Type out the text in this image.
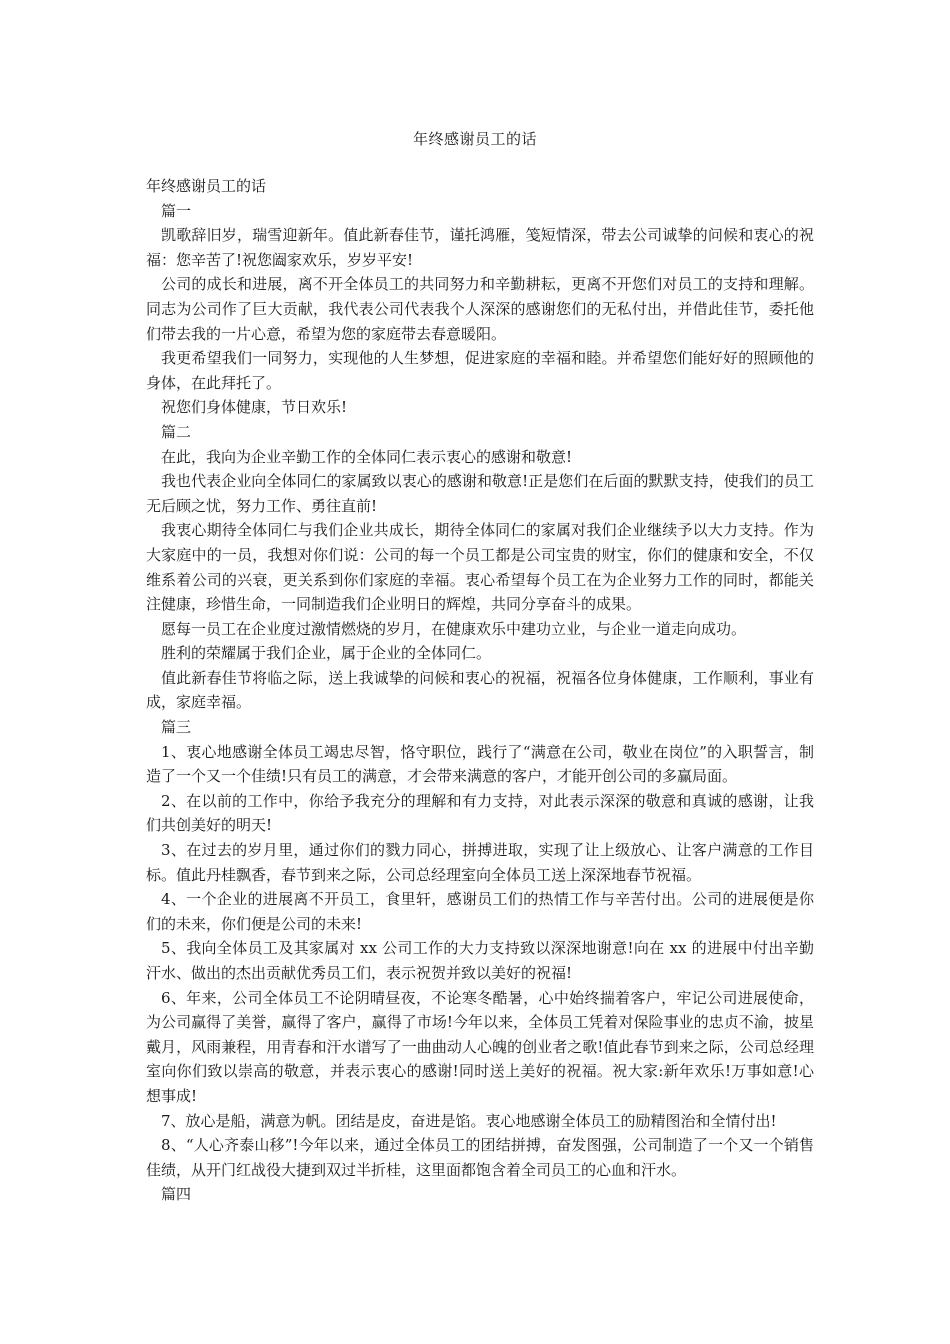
年终感谢员工的话

年终感谢员工的话

篇一

凯歌辞旧岁，瑞雪迎新年。值此新春佳节，谨托鸿雁，笺短情深，带去公司诚挚的问候和衷心的祝福：您辛苦了!祝您阖家欢乐，岁岁平安!

公司的成长和进展，离不开全体员工的共同努力和辛勤耕耘，更离不开您们对员工的支持和理解。 同志为公司作了巨大贡献，我代表公司代表我个人深深的感谢您们的无私付出，并借此佳节，委托他们带去我的一片心意，希望为您的家庭带去春意暖阳。

我更希望我们一同努力，实现他的人生梦想，促进家庭的幸福和睦。并希望您们能好好的照顾他的身体，在此拜托了。

祝您们身体健康，节日欢乐!

篇二

在此，我向为企业辛勤工作的全体同仁表示衷心的感谢和敬意!

我也代表企业向全体同仁的家属致以衷心的感谢和敬意!正是您们在后面的默默支持，使我们的员工无后顾之忧，努力工作、勇往直前!

我衷心期待全体同仁与我们企业共成长，期待全体同仁的家属对我们企业继续予以大力支持。作为大家庭中的一员，我想对你们说：公司的每一个员工都是公司宝贵的财宝，你们的健康和安全，不仅维系着公司的兴衰，更关系到你们家庭的幸福。衷心希望每个员工在为企业努力工作的同时，都能关注健康，珍惜生命，一同制造我们企业明日的辉煌，共同分享奋斗的成果。

愿每一员工在企业度过激情燃烧的岁月，在健康欢乐中建功立业，与企业一道走向成功。

胜利的荣耀属于我们企业，属于企业的全体同仁。

值此新春佳节将临之际，送上我诚挚的问候和衷心的祝福，祝福各位身体健康，工作顺利，事业有成，家庭幸福。

篇三

1、衷心地感谢全体员工竭忠尽智，恪守职位，践行了“满意在公司，敬业在岗位”的入职誓言，制造了一个又一个佳绩!只有员工的满意，才会带来满意的客户，才能开创公司的多赢局面。

2、在以前的工作中，你给予我充分的理解和有力支持，对此表示深深的敬意和真诚的感谢，让我们共创美好的明天!

3、在过去的岁月里，通过你们的戮力同心，拼搏进取，实现了让上级放心、让客户满意的工作目标。值此丹桂飘香，春节到来之际，公司总经理室向全体员工送上深深地春节祝福。

4、一个企业的进展离不开员工，食里轩，感谢员工们的热情工作与辛苦付出。公司的进展便是你们的未来，你们便是公司的未来!

5、我向全体员工及其家属对 xx 公司工作的大力支持致以深深地谢意!向在 xx 的进展中付出辛勤汗水、做出的杰出贡献优秀员工们，表示祝贺并致以美好的祝福!

6、年来，公司全体员工不论阴晴昼夜，不论寒冬酷暑，心中始终揣着客户，牢记公司进展使命，为公司赢得了美誉，赢得了客户，赢得了市场!今年以来，全体员工凭着对保险事业的忠贞不渝，披星戴月，风雨兼程，用青春和汗水谱写了一曲曲动人心魄的创业者之歌!值此春节到来之际，公司总经理室向你们致以崇高的敬意，并表示衷心的感谢!同时送上美好的祝福。祝大家:新年欢乐!万事如意!心想事成!

7、放心是船，满意为帆。团结是皮，奋进是馅。衷心地感谢全体员工的励精图治和全情付出!

8、“人心齐泰山移”!今年以来，通过全体员工的团结拼搏，奋发图强，公司制造了一个又一个销售佳绩，从开门红战役大捷到双过半折桂，这里面都饱含着全司员工的心血和汗水。

篇四
